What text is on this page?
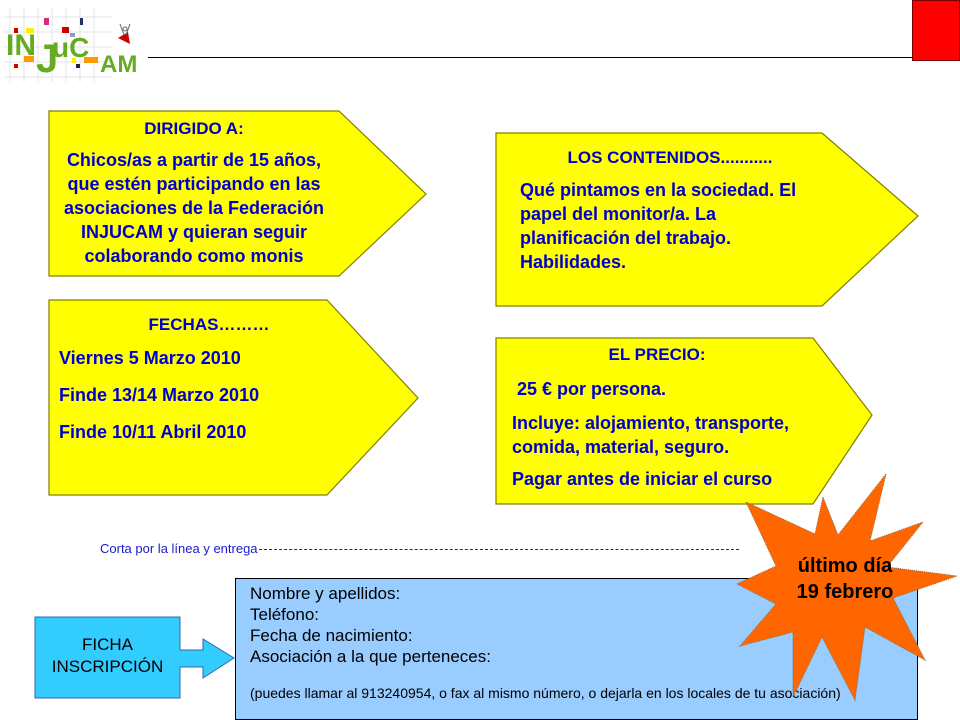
IN J
uC
AM
DIRIGIDO A:
Chicos/as a partir de 15 años,
que estén participando en las
asociaciones de la Federación
INJUCAM y quieran seguir
colaborando como monis
LOS CONTENIDOS...........
Qué pintamos en la sociedad. El
papel del monitor/a. La
planificación del trabajo.
Habilidades.
FECHAS………
Viernes 5 Marzo 2010
Finde 13/14 Marzo 2010
Finde 10/11 Abril 2010
EL PRECIO:
25 € por persona.
Incluye: alojamiento, transporte,
comida, material, seguro.
Pagar antes de iniciar el curso
Corta por la línea y entrega
Nombre y apellidos:
Teléfono:
Fecha de nacimiento:
Asociación a la que perteneces:
(puedes llamar al 913240954, o fax al mismo número, o dejarla en los locales de tu asociación)
FICHA
INSCRIPCIÓN
último día
19 febrero
